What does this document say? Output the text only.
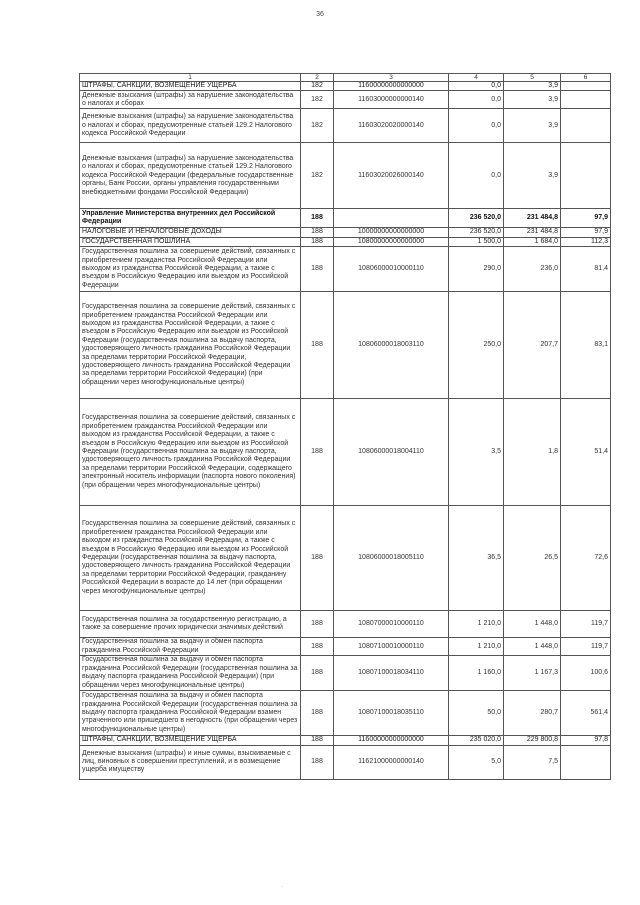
36
1	2	3	4	5	6
ШТРАФЫ, САНКЦИИ, ВОЗМЕЩЕНИЕ УЩЕРБА	182	11600000000000000	0,0	3,9	
Денежные взыскания (штрафы) за нарушение законодательства о налогах и сборах	182	11603000000000140	0,0	3,9	
Денежные взыскания (штрафы) за нарушение законодательства о налогах и сборах, предусмотренные статьей 129.2 Налогового кодекса Российской Федерации	182	11603020020000140	0,0	3,9	
Денежные взыскания (штрафы) за нарушение законодательства о налогах и сборах, предусмотренные статьей 129.2 Налогового кодекса Российской Федерации (федеральные государственные органы, Банк России, органы управления государственными внебюджетными фондами Российской Федерации)	182	11603020026000140	0,0	3,9	
Управление Министерства внутренних дел Российской Федерации	188		236 520,0	231 484,8	97,9
НАЛОГОВЫЕ И НЕНАЛОГОВЫЕ ДОХОДЫ	188	10000000000000000	236 520,0	231 484,8	97,9
ГОСУДАРСТВЕННАЯ ПОШЛИНА	188	10800000000000000	1 500,0	1 684,0	112,3
Государственная пошлина за совершение действий, связанных с приобретением гражданства Российской Федерации или выходом из гражданства Российской Федерации, а также с въездом в Российскую Федерацию или выездом из Российской Федерации	188	10806000010000110	290,0	236,0	81,4
Государственная пошлина за совершение действий, связанных с приобретением гражданства Российской Федерации или выходом из гражданства Российской Федерации, а также с въездом в Российскую Федерацию или выездом из Российской Федерации (государственная пошлина за выдачу паспорта, удостоверяющего личность гражданина Российской Федерации за пределами территории Российской Федерации, удостоверяющего личность гражданина Российской Федерации за пределами территории Российской Федерации) (при обращении через многофункциональные центры)	188	10806000018003110	250,0	207,7	83,1
Государственная пошлина за совершение действий, связанных с приобретением гражданства Российской Федерации или выходом из гражданства Российской Федерации, а также с въездом в Российскую Федерацию или выездом из Российской Федерации (государственная пошлина за выдачу паспорта, удостоверяющего личность гражданина Российской Федерации за пределами территории Российской Федерации, содержащего электронный носитель информации (паспорта нового поколения) (при обращении через многофункциональные центры)	188	10806000018004110	3,5	1,8	51,4
Государственная пошлина за совершение действий, связанных с приобретением гражданства Российской Федерации или выходом из гражданства Российской Федерации, а также с въездом в Российскую Федерацию или выездом из Российской Федерации (государственная пошлина за выдачу паспорта, удостоверяющего личность гражданина Российской Федерации за пределами территории Российской Федерации, гражданину Российской Федерации в возрасте до 14 лет (при обращении через многофункциональные центры)	188	10806000018005110	36,5	26,5	72,6
Государственная пошлина за государственную регистрацию, а также за совершение прочих юридически значимых действий	188	10807000010000110	1 210,0	1 448,0	119,7
Государственная пошлина за выдачу и обмен паспорта гражданина Российской Федерации	188	10807100010000110	1 210,0	1 448,0	119,7
Государственная пошлина за выдачу и обмен паспорта гражданина Российской Федерации (государственная пошлина за выдачу паспорта гражданина Российской Федерации) (при обращении через многофункциональные центры)	188	10807100018034110	1 160,0	1 167,3	100,6
Государственная пошлина за выдачу и обмен паспорта гражданина Российской Федерации (государственная пошлина за выдачу паспорта гражданина Российской Федерации взамен утраченного или пришедшего в негодность (при обращении через многофункциональные центры)	188	10807100018035110	50,0	280,7	561,4
ШТРАФЫ, САНКЦИИ, ВОЗМЕЩЕНИЕ УЩЕРБА	188	11600000000000000	235 020,0	229 800,8	97,8
Денежные взыскания (штрафы) и иные суммы, взыскиваемые с лиц, виновных в совершении преступлений, и в возмещение ущерба имуществу	188	11621000000000140	5,0	7,5	
·
